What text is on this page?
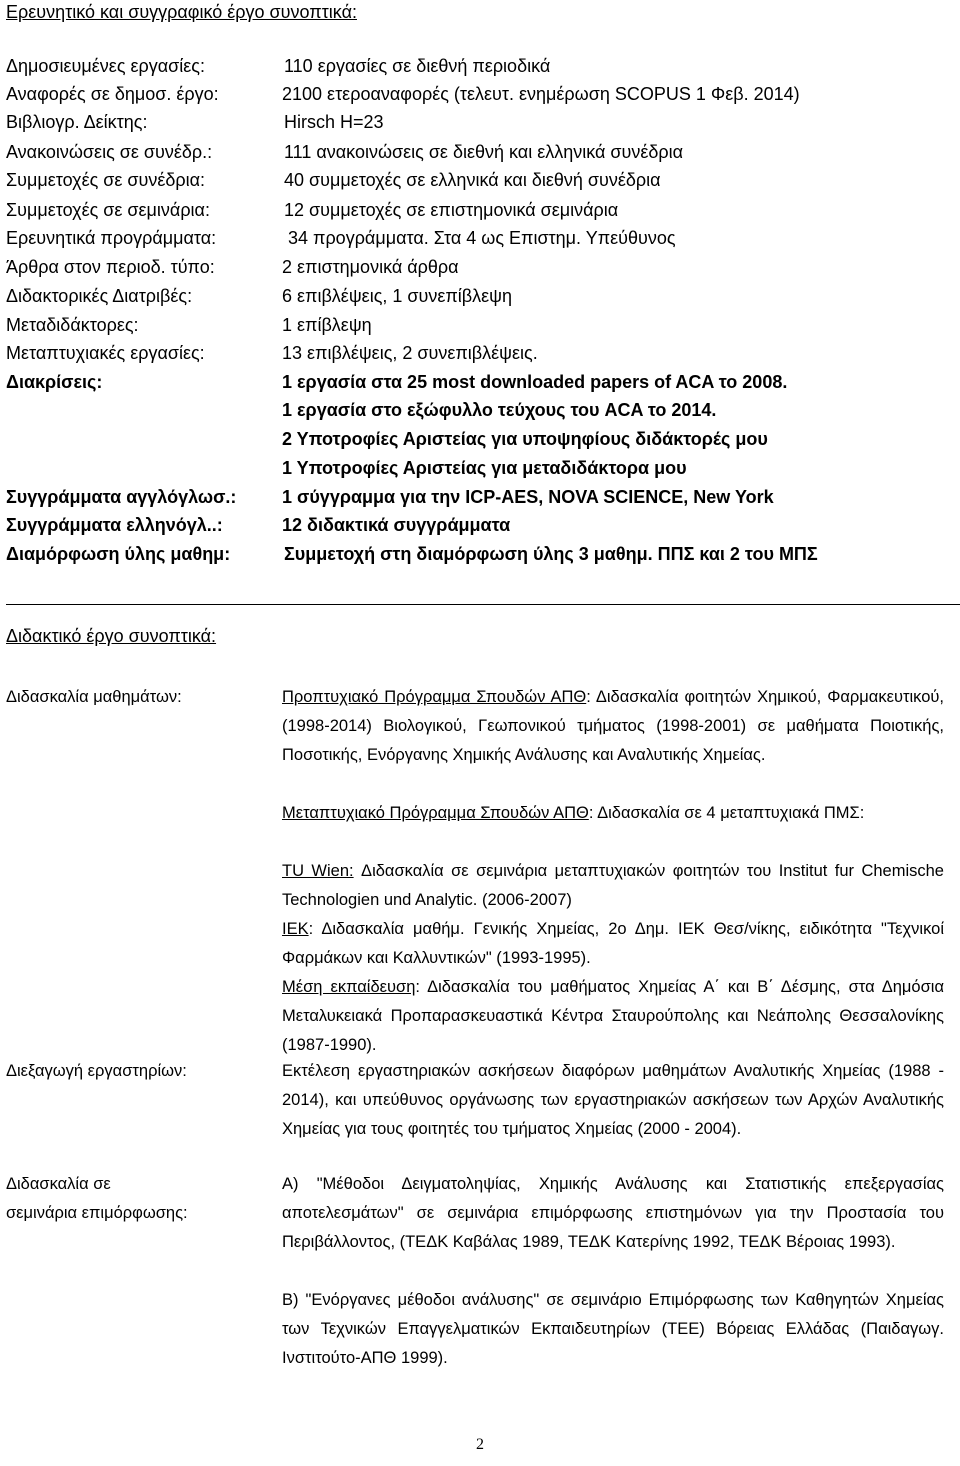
Ερευνητικό και συγγραφικό έργο συνοπτικά:
Δημοσιευμένες εργασίες:	110 εργασίες σε διεθνή περιοδικά
Αναφορές σε δημοσ. έργο:	2100 ετεροαναφορές (τελευτ. ενημέρωση SCOPUS 1 Φεβ. 2014)
Βιβλιογρ. Δείκτης:	Hirsch H=23
Ανακοινώσεις σε συνέδρ.:	111 ανακοινώσεις σε διεθνή και ελληνικά συνέδρια
Συμμετοχές σε συνέδρια:	40 συμμετοχές σε ελληνικά και διεθνή συνέδρια
Συμμετοχές σε σεμινάρια:	12 συμμετοχές σε επιστημονικά σεμινάρια
Ερευνητικά προγράμματα:	34 προγράμματα. Στα 4 ως Επιστημ. Υπεύθυνος
Άρθρα στον περιοδ. τύπο:	2 επιστημονικά άρθρα
Διδακτορικές Διατριβές:	6 επιβλέψεις, 1 συνεπίβλεψη
Μεταδιδάκτορες:	1 επίβλεψη
Μεταπτυχιακές εργασίες:	13 επιβλέψεις, 2 συνεπιβλέψεις.
Διακρίσεις:	1 εργασία στα 25 most downloaded papers of ACA το 2008.
1 εργασία στο εξώφυλλο τεύχους του ACA το 2014.
2 Υποτροφίες Αριστείας για υποψηφίους διδάκτορές μου
1 Υποτροφίες Αριστείας για μεταδιδάκτορα μου
Συγγράμματα αγγλόγλωσ.:	1 σύγγραμμα για την ICP-AES, NOVA SCIENCE, New York
Συγγράμματα ελληνόγλ..:	12 διδακτικά συγγράμματα
Διαμόρφωση ύλης μαθημ:	Συμμετοχή στη διαμόρφωση ύλης 3 μαθημ. ΠΠΣ και 2 του ΜΠΣ
Διδακτικό έργο συνοπτικά:
Διδασκαλία μαθημάτων:	Προπτυχιακό Πρόγραμμα Σπουδών ΑΠΘ: Διδασκαλία φοιτητών Χημικού, Φαρμακευτικού, (1998-2014) Βιολογικού, Γεωπονικού τμήματος (1998-2001) σε μαθήματα Ποιοτικής, Ποσοτικής, Ενόργανης Χημικής Ανάλυσης και Αναλυτικής Χημείας.
Μεταπτυχιακό Πρόγραμμα Σπουδών ΑΠΘ: Διδασκαλία σε 4 μεταπτυχιακά ΠΜΣ:
TU Wien: Διδασκαλία σε σεμινάρια μεταπτυχιακών φοιτητών του Institut fur Chemische Technologien und Analytic. (2006-2007)
ΙΕΚ: Διδασκαλία μαθήμ. Γενικής Χημείας, 2ο Δημ. ΙΕΚ Θεσ/νίκης, ειδικότητα "Τεχνικοί Φαρμάκων και Καλλυντικών" (1993-1995).
Μέση εκπαίδευση: Διδασκαλία του μαθήματος Χημείας Α΄ και Β΄ Δέσμης, στα Δημόσια Μεταλυκειακά Προπαρασκευαστικά Κέντρα Σταυρούπολης και Νεάπολης Θεσσαλονίκης (1987-1990).
Διεξαγωγή εργαστηρίων:	Εκτέλεση εργαστηριακών ασκήσεων διαφόρων μαθημάτων Αναλυτικής Χημείας (1988 - 2014), και υπεύθυνος οργάνωσης των εργαστηριακών ασκήσεων των Αρχών Αναλυτικής Χημείας για τους φοιτητές του τμήματος Χημείας (2000 - 2004).
Διδασκαλία σε
σεμινάρια επιμόρφωσης:
Α) "Μέθοδοι Δειγματοληψίας, Χημικής Ανάλυσης και Στατιστικής επεξεργασίας αποτελεσμάτων" σε σεμινάρια επιμόρφωσης επιστημόνων για την Προστασία του Περιβάλλοντος, (ΤΕΔΚ Καβάλας 1989, ΤΕΔΚ Κατερίνης 1992, ΤΕΔΚ Βέροιας 1993).
Β) "Ενόργανες μέθοδοι ανάλυσης" σε σεμινάριο Επιμόρφωσης των Καθηγητών Χημείας των Τεχνικών Επαγγελματικών Εκπαιδευτηρίων (ΤΕΕ) Βόρειας Ελλάδας (Παιδαγωγ. Ινστιτούτο-ΑΠΘ 1999).
2
